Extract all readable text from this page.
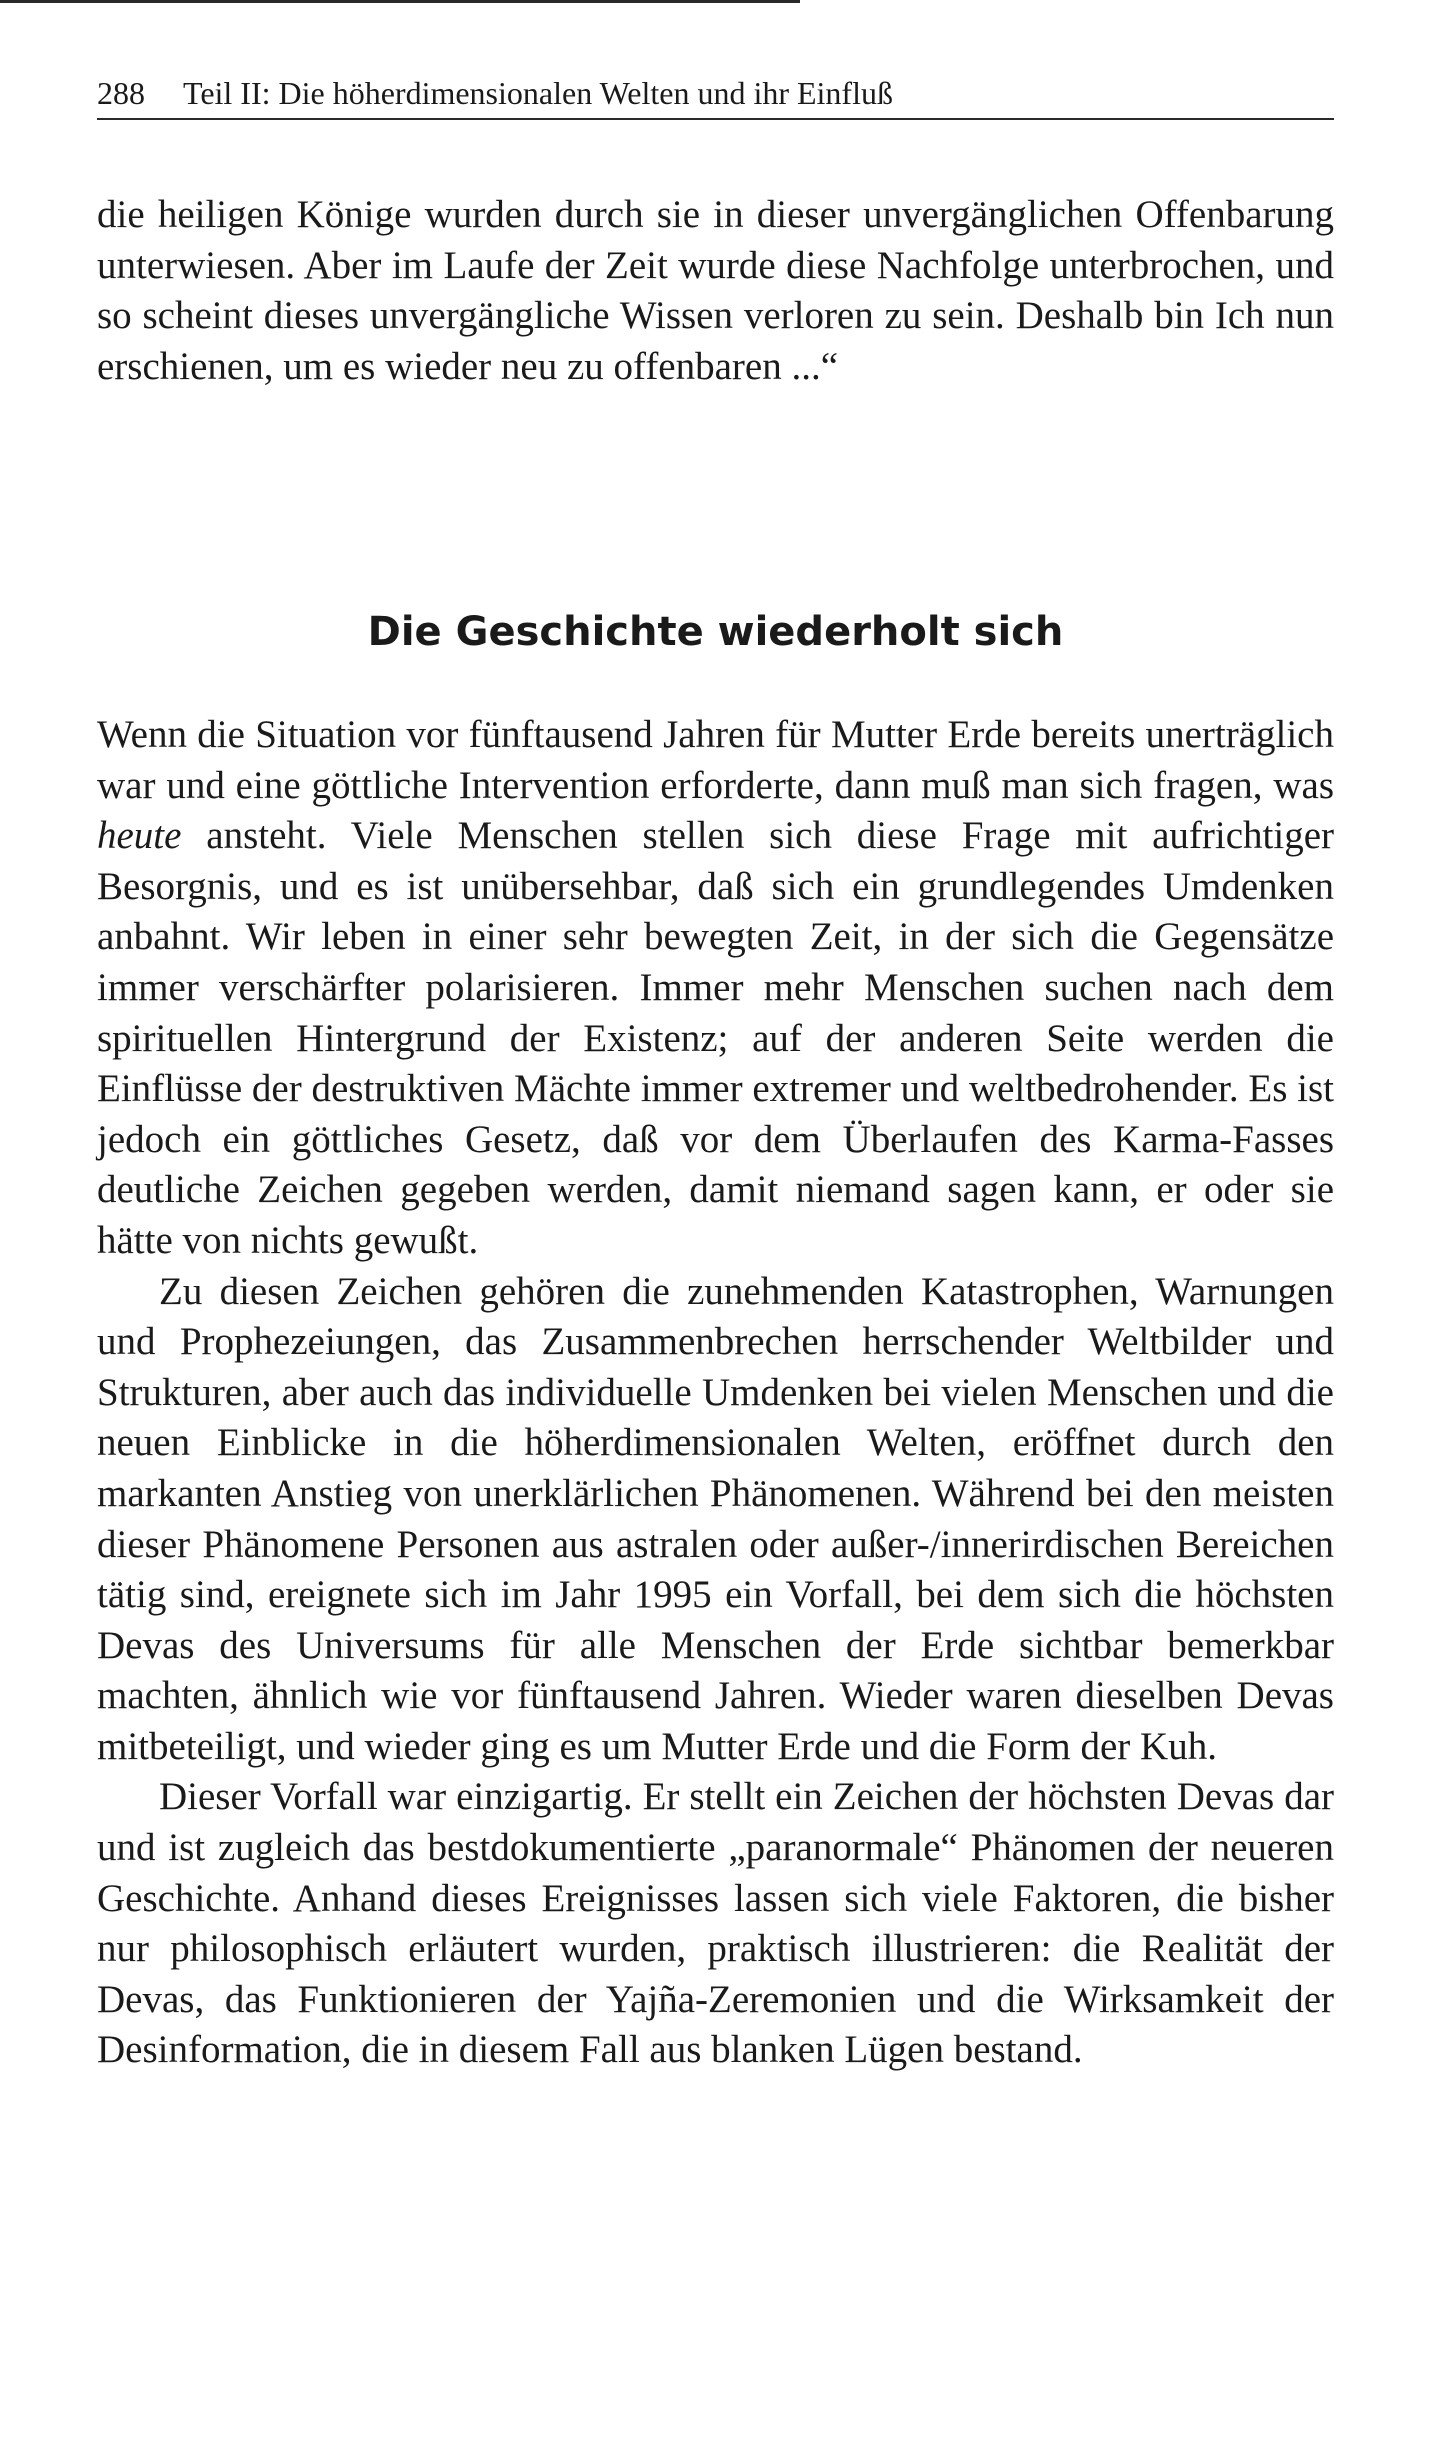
288 Teil II: Die höherdimensionalen Welten und ihr Einfluß

die heiligen Könige wurden durch sie in dieser unvergänglichen Offenbarung unterwiesen. Aber im Laufe der Zeit wurde diese Nachfolge unterbrochen, und so scheint dieses unvergängliche Wissen verloren zu sein. Deshalb bin Ich nun erschienen, um es wieder neu zu offenbaren ...“

Die Geschichte wiederholt sich

Wenn die Situation vor fünftausend Jahren für Mutter Erde bereits unerträglich war und eine göttliche Intervention erforderte, dann muß man sich fragen, was heute ansteht. Viele Menschen stellen sich diese Frage mit aufrichtiger Besorgnis, und es ist unübersehbar, daß sich ein grundlegendes Umdenken anbahnt. Wir leben in einer sehr bewegten Zeit, in der sich die Gegensätze immer verschärfter polarisieren. Immer mehr Menschen suchen nach dem spirituellen Hintergrund der Existenz; auf der anderen Seite werden die Einflüsse der destruktiven Mächte immer extremer und weltbedrohender. Es ist jedoch ein göttliches Gesetz, daß vor dem Überlaufen des Karma-Fasses deutliche Zeichen gegeben werden, damit niemand sagen kann, er oder sie hätte von nichts gewußt.

Zu diesen Zeichen gehören die zunehmenden Katastrophen, Warnungen und Prophezeiungen, das Zusammenbrechen herrschender Weltbilder und Strukturen, aber auch das individuelle Umdenken bei vielen Menschen und die neuen Einblicke in die höherdimensionalen Welten, eröffnet durch den markanten Anstieg von unerklärlichen Phänomenen. Während bei den meisten dieser Phänomene Personen aus astralen oder außer-/innerirdischen Bereichen tätig sind, ereignete sich im Jahr 1995 ein Vorfall, bei dem sich die höchsten Devas des Universums für alle Menschen der Erde sichtbar bemerkbar machten, ähnlich wie vor fünftausend Jahren. Wieder waren dieselben Devas mitbeteiligt, und wieder ging es um Mutter Erde und die Form der Kuh.

Dieser Vorfall war einzigartig. Er stellt ein Zeichen der höchsten Devas dar und ist zugleich das bestdokumentierte „paranormale“ Phänomen der neueren Geschichte. Anhand dieses Ereignisses lassen sich viele Faktoren, die bisher nur philosophisch erläutert wurden, praktisch illustrieren: die Realität der Devas, das Funktionieren der Yajña-Zeremonien und die Wirksamkeit der Desinformation, die in diesem Fall aus blanken Lügen bestand.
